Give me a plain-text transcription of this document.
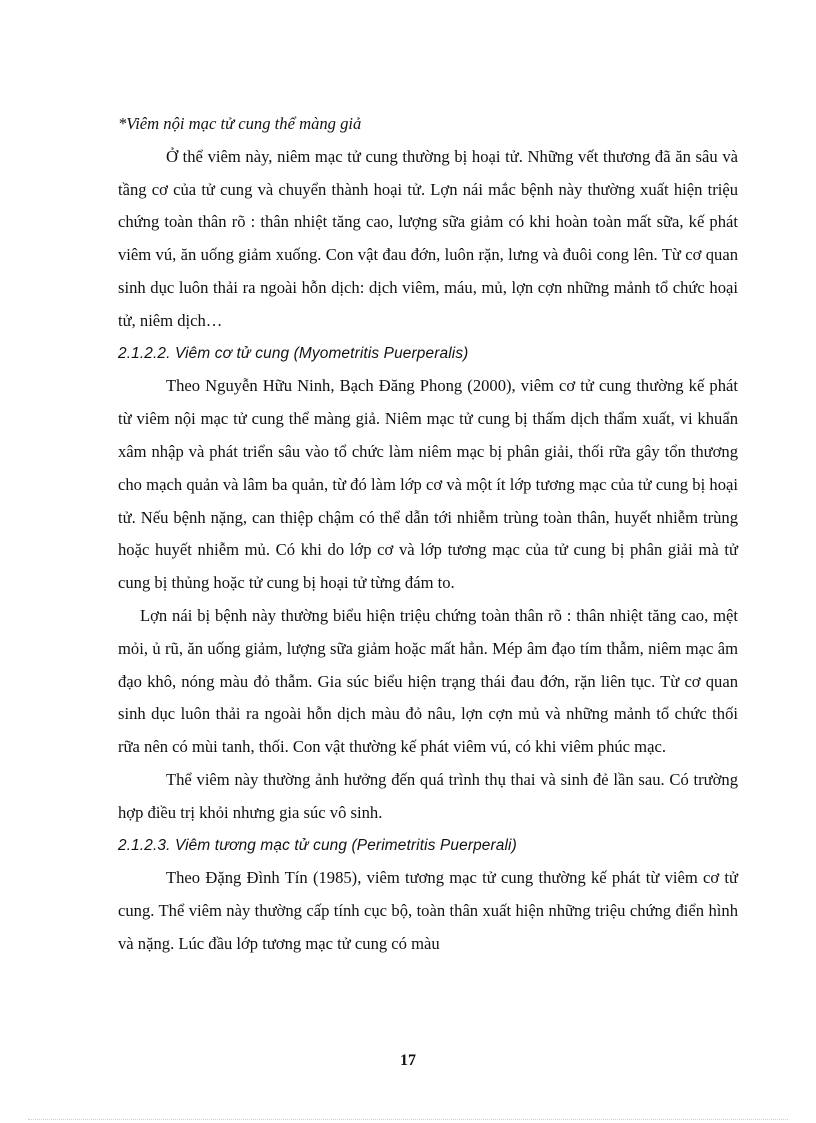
*Viêm nội mạc tử cung thể màng giả

Ở thể viêm này, niêm mạc tử cung thường bị hoại tử. Những vết thương đã ăn sâu và tầng cơ của tử cung và chuyển thành hoại tử. Lợn nái mắc bệnh này thường xuất hiện triệu chứng toàn thân rõ : thân nhiệt tăng cao, lượng sữa giảm có khi hoàn toàn mất sữa, kế phát viêm vú, ăn uống giảm xuống. Con vật đau đớn, luôn rặn, lưng và đuôi cong lên. Từ cơ quan sinh dục luôn thải ra ngoài hỗn dịch: dịch viêm, máu, mủ, lợn cợn những mảnh tổ chức hoại tử, niêm dịch…

2.1.2.2. Viêm cơ tử cung (Myometritis Puerperalis)

Theo Nguyễn Hữu Ninh, Bạch Đăng Phong (2000), viêm cơ tử cung thường kế phát từ viêm nội mạc tử cung thể màng giả. Niêm mạc tử cung bị thấm dịch thẩm xuất, vi khuẩn xâm nhập và phát triển sâu vào tổ chức làm niêm mạc bị phân giải, thối rữa gây tổn thương cho mạch quản và lâm ba quản, từ đó làm lớp cơ và một ít lớp tương mạc của tử cung bị hoại tử. Nếu bệnh nặng, can thiệp chậm có thể dẫn tới nhiễm trùng toàn thân, huyết nhiễm trùng hoặc huyết nhiễm mủ. Có khi do lớp cơ và lớp tương mạc của tử cung bị phân giải mà tử cung bị thủng hoặc tử cung bị hoại tử từng đám to.

Lợn nái bị bệnh này thường biểu hiện triệu chứng toàn thân rõ : thân nhiệt tăng cao, mệt mỏi, ủ rũ, ăn uống giảm, lượng sữa giảm hoặc mất hẳn. Mép âm đạo tím thẫm, niêm mạc âm đạo khô, nóng màu đỏ thẫm. Gia súc biểu hiện trạng thái đau đớn, rặn liên tục. Từ cơ quan sinh dục luôn thải ra ngoài hỗn dịch màu đỏ nâu, lợn cợn mủ và những mảnh tổ chức thối rữa nên có mùi tanh, thối. Con vật thường kế phát viêm vú, có khi viêm phúc mạc.

Thể viêm này thường ảnh hưởng đến quá trình thụ thai và sinh đẻ lần sau. Có trường hợp điều trị khỏi nhưng gia súc vô sinh.

2.1.2.3. Viêm tương mạc tử cung (Perimetritis Puerperali)

Theo Đặng Đình Tín (1985), viêm tương mạc tử cung thường kế phát từ viêm cơ tử cung. Thể viêm này thường cấp tính cục bộ, toàn thân xuất hiện những triệu chứng điển hình và nặng. Lúc đầu lớp tương mạc tử cung có màu

17
